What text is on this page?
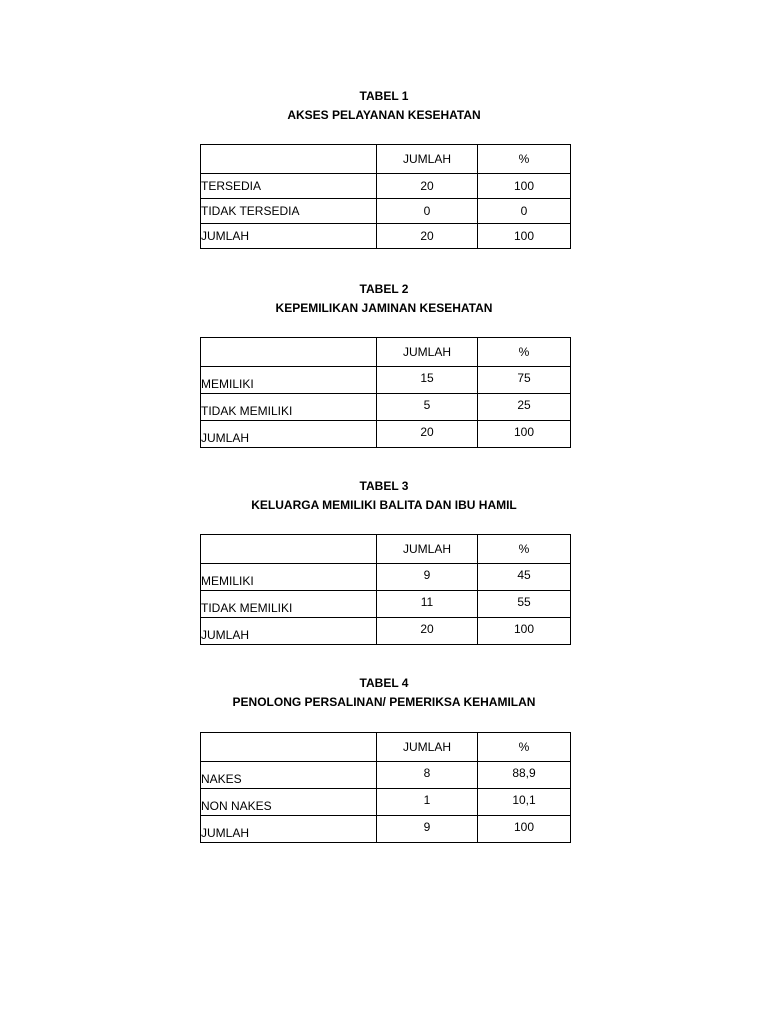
TABEL 1
AKSES PELAYANAN KESEHATAN
	JUMLAH	%
TERSEDIA	20	100
TIDAK TERSEDIA	0	0
JUMLAH	20	100
TABEL 2
KEPEMILIKAN JAMINAN KESEHATAN
	JUMLAH	%
MEMILIKI	15	75
TIDAK MEMILIKI	5	25
JUMLAH	20	100
TABEL 3
KELUARGA MEMILIKI BALITA DAN IBU HAMIL
	JUMLAH	%
MEMILIKI	9	45
TIDAK MEMILIKI	11	55
JUMLAH	20	100
TABEL 4
PENOLONG PERSALINAN/ PEMERIKSA KEHAMILAN
	JUMLAH	%
NAKES	8	88,9
NON NAKES	1	10,1
JUMLAH	9	100
